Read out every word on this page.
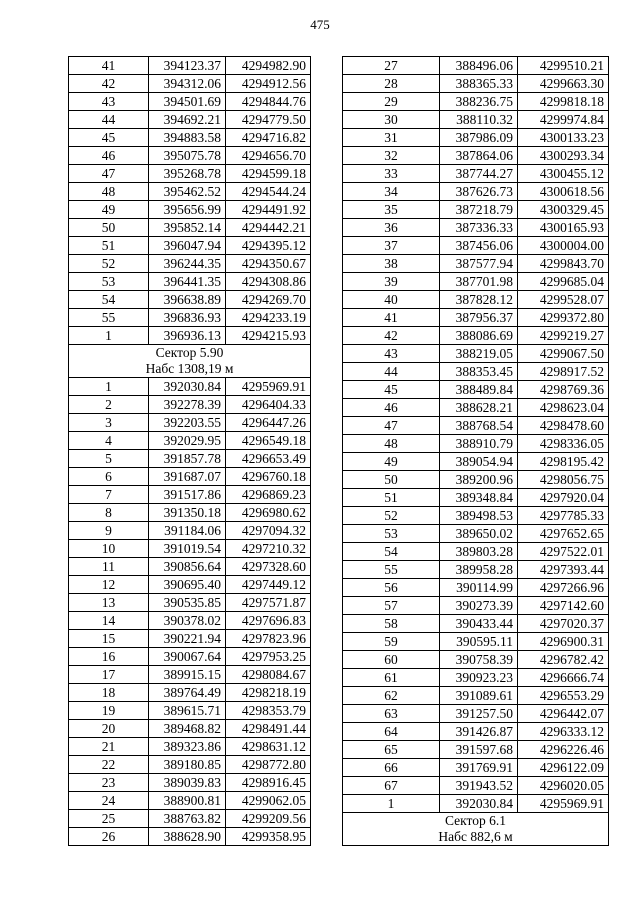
475
41	394123.37	4294982.90
42	394312.06	4294912.56
43	394501.69	4294844.76
44	394692.21	4294779.50
45	394883.58	4294716.82
46	395075.78	4294656.70
47	395268.78	4294599.18
48	395462.52	4294544.24
49	395656.99	4294491.92
50	395852.14	4294442.21
51	396047.94	4294395.12
52	396244.35	4294350.67
53	396441.35	4294308.86
54	396638.89	4294269.70
55	396836.93	4294233.19
1	396936.13	4294215.93

Сектор 5.90
Набс 1308,19 м		

1	392030.84	4295969.91
2	392278.39	4296404.33
3	392203.55	4296447.26
4	392029.95	4296549.18
5	391857.78	4296653.49
6	391687.07	4296760.18
7	391517.86	4296869.23
8	391350.18	4296980.62
9	391184.06	4297094.32
10	391019.54	4297210.32
11	390856.64	4297328.60
12	390695.40	4297449.12
13	390535.85	4297571.87
14	390378.02	4297696.83
15	390221.94	4297823.96
16	390067.64	4297953.25
17	389915.15	4298084.67
18	389764.49	4298218.19
19	389615.71	4298353.79
20	389468.82	4298491.44
21	389323.86	4298631.12
22	389180.85	4298772.80
23	389039.83	4298916.45
24	388900.81	4299062.05
25	388763.82	4299209.56
26	388628.90	4299358.95
27	388496.06	4299510.21
28	388365.33	4299663.30
29	388236.75	4299818.18
30	388110.32	4299974.84
31	387986.09	4300133.23
32	387864.06	4300293.34
33	387744.27	4300455.12
34	387626.73	4300618.56
35	387218.79	4300329.45
36	387336.33	4300165.93
37	387456.06	4300004.00
38	387577.94	4299843.70
39	387701.98	4299685.04
40	387828.12	4299528.07
41	387956.37	4299372.80
42	388086.69	4299219.27
43	388219.05	4299067.50
44	388353.45	4298917.52
45	388489.84	4298769.36
46	388628.21	4298623.04
47	388768.54	4298478.60
48	388910.79	4298336.05
49	389054.94	4298195.42
50	389200.96	4298056.75
51	389348.84	4297920.04
52	389498.53	4297785.33
53	389650.02	4297652.65
54	389803.28	4297522.01
55	389958.28	4297393.44
56	390114.99	4297266.96
57	390273.39	4297142.60
58	390433.44	4297020.37
59	390595.11	4296900.31
60	390758.39	4296782.42
61	390923.23	4296666.74
62	391089.61	4296553.29
63	391257.50	4296442.07
64	391426.87	4296333.12
65	391597.68	4296226.46
66	391769.91	4296122.09
67	391943.52	4296020.05
1	392030.84	4295969.91

Сектор 6.1
Набс 882,6 м		
